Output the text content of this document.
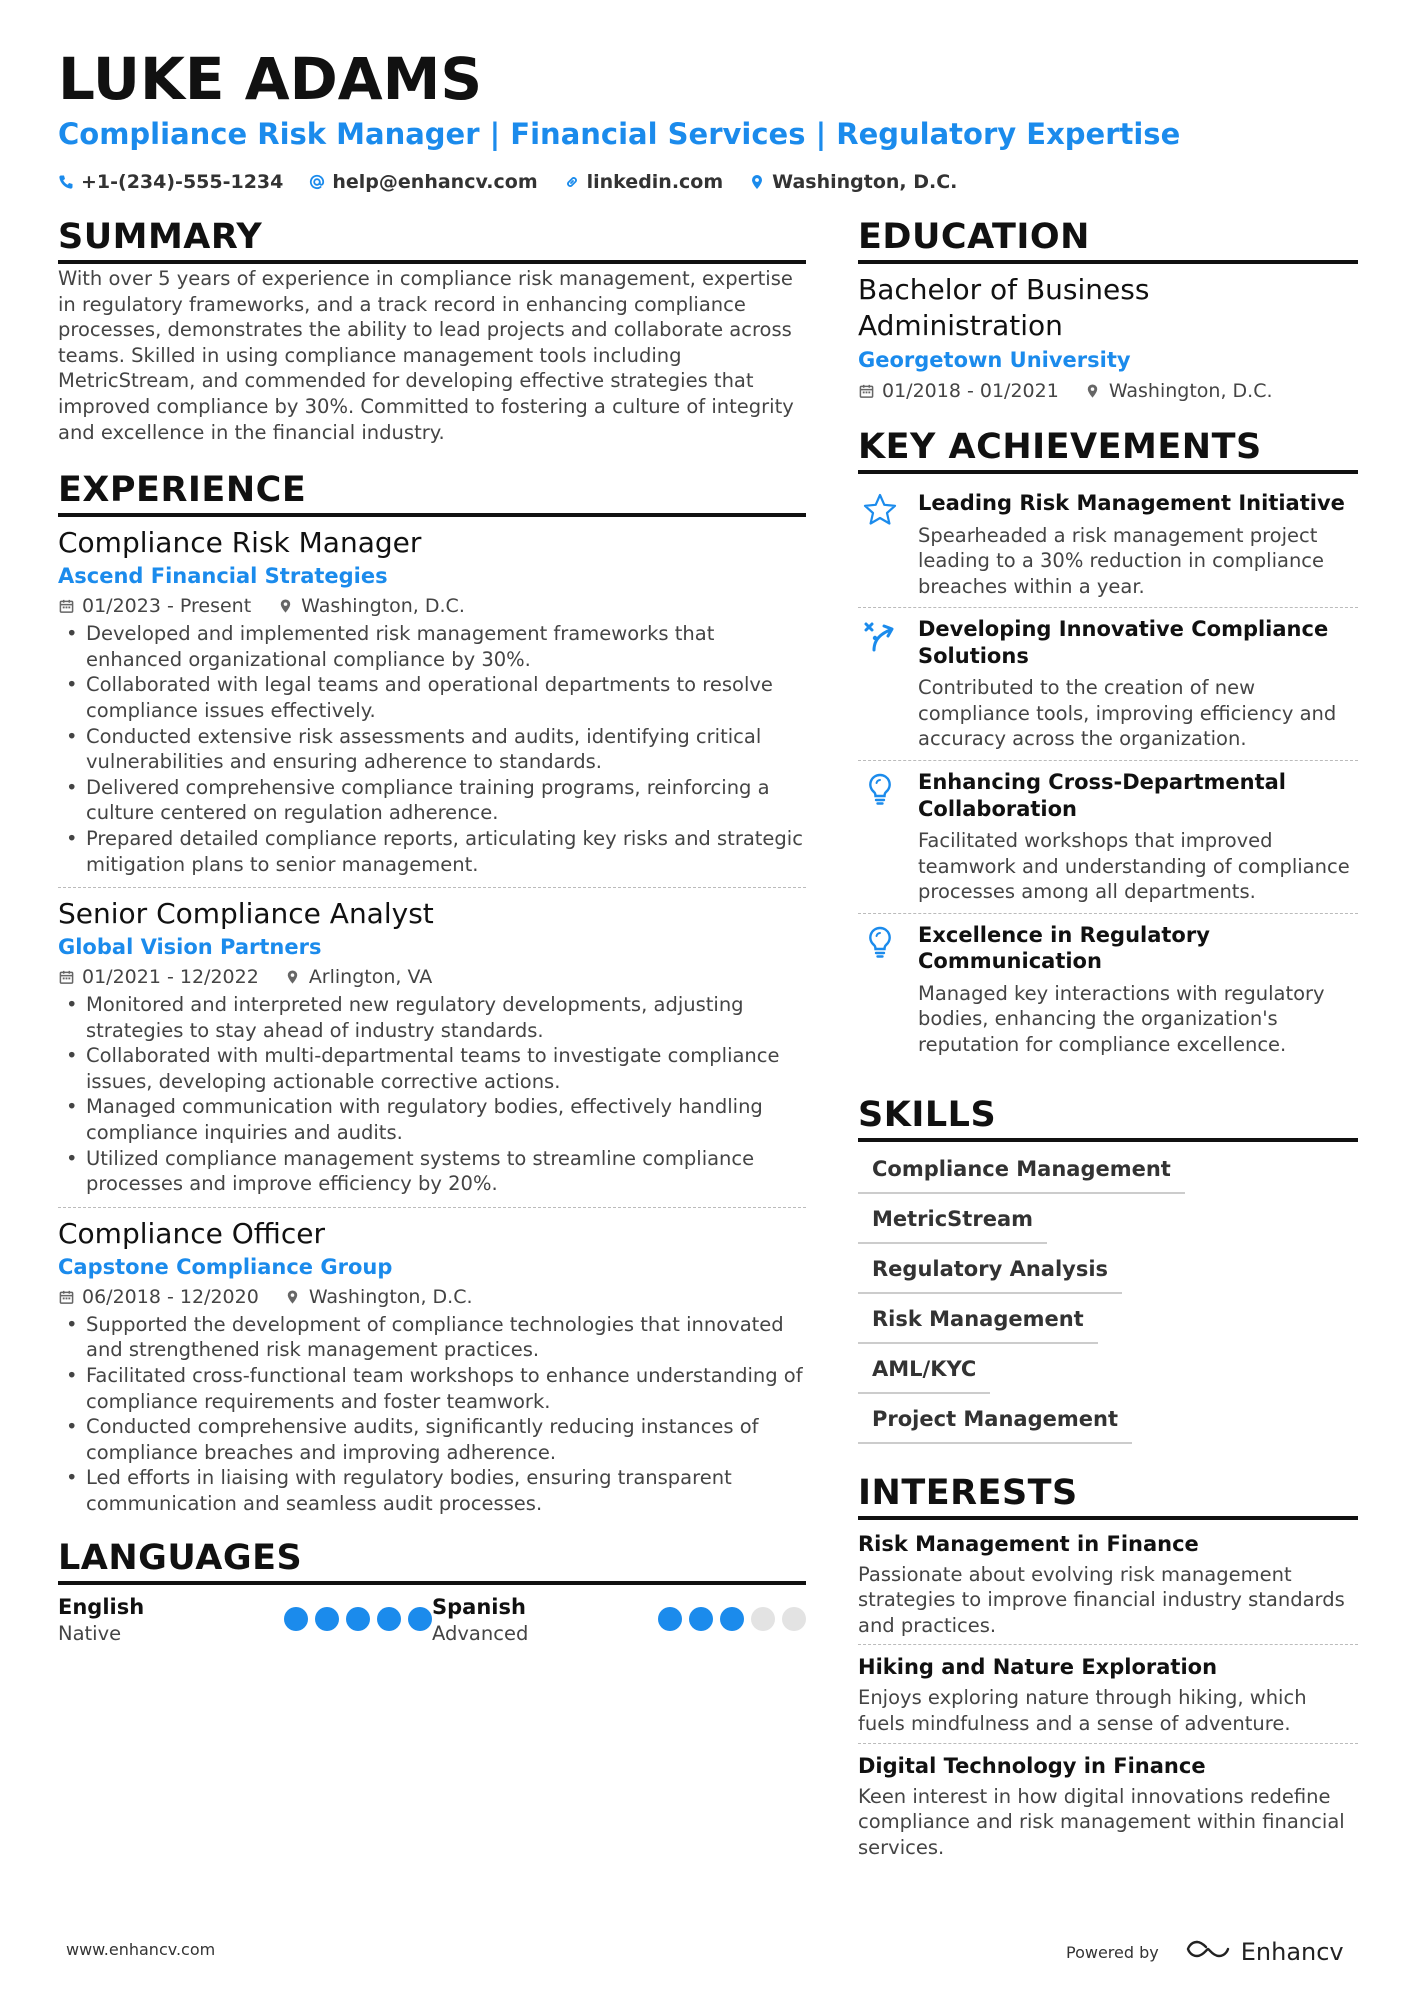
LUKE ADAMS
Compliance Risk Manager | Financial Services | Regulatory Expertise
+1-(234)-555-1234	help@enhancv.com	linkedin.com	Washington, D.C.
SUMMARY
With over 5 years of experience in compliance risk management, expertise in regulatory frameworks, and a track record in enhancing compliance processes, demonstrates the ability to lead projects and collaborate across teams. Skilled in using compliance management tools including MetricStream, and commended for developing effective strategies that improved compliance by 30%. Committed to fostering a culture of integrity and excellence in the financial industry.
EXPERIENCE
Compliance Risk Manager
Ascend Financial Strategies
01/2023 - Present	Washington, D.C.
• Developed and implemented risk management frameworks that enhanced organizational compliance by 30%.
• Collaborated with legal teams and operational departments to resolve compliance issues effectively.
• Conducted extensive risk assessments and audits, identifying critical vulnerabilities and ensuring adherence to standards.
• Delivered comprehensive compliance training programs, reinforcing a culture centered on regulation adherence.
• Prepared detailed compliance reports, articulating key risks and strategic mitigation plans to senior management.
Senior Compliance Analyst
Global Vision Partners
01/2021 - 12/2022	Arlington, VA
• Monitored and interpreted new regulatory developments, adjusting strategies to stay ahead of industry standards.
• Collaborated with multi-departmental teams to investigate compliance issues, developing actionable corrective actions.
• Managed communication with regulatory bodies, effectively handling compliance inquiries and audits.
• Utilized compliance management systems to streamline compliance processes and improve efficiency by 20%.
Compliance Officer
Capstone Compliance Group
06/2018 - 12/2020	Washington, D.C.
• Supported the development of compliance technologies that innovated and strengthened risk management practices.
• Facilitated cross-functional team workshops to enhance understanding of compliance requirements and foster teamwork.
• Conducted comprehensive audits, significantly reducing instances of compliance breaches and improving adherence.
• Led efforts in liaising with regulatory bodies, ensuring transparent communication and seamless audit processes.
LANGUAGES
English
Native
Spanish
Advanced
EDUCATION
Bachelor of Business Administration
Georgetown University
01/2018 - 01/2021	Washington, D.C.
KEY ACHIEVEMENTS
Leading Risk Management Initiative
Spearheaded a risk management project leading to a 30% reduction in compliance breaches within a year.
Developing Innovative Compliance Solutions
Contributed to the creation of new compliance tools, improving efficiency and accuracy across the organization.
Enhancing Cross-Departmental Collaboration
Facilitated workshops that improved teamwork and understanding of compliance processes among all departments.
Excellence in Regulatory Communication
Managed key interactions with regulatory bodies, enhancing the organization's reputation for compliance excellence.
SKILLS
Compliance Management
MetricStream
Regulatory Analysis
Risk Management
AML/KYC
Project Management
INTERESTS
Risk Management in Finance
Passionate about evolving risk management strategies to improve financial industry standards and practices.
Hiking and Nature Exploration
Enjoys exploring nature through hiking, which fuels mindfulness and a sense of adventure.
Digital Technology in Finance
Keen interest in how digital innovations redefine compliance and risk management within financial services.
www.enhancv.com	Powered by	Enhancv
